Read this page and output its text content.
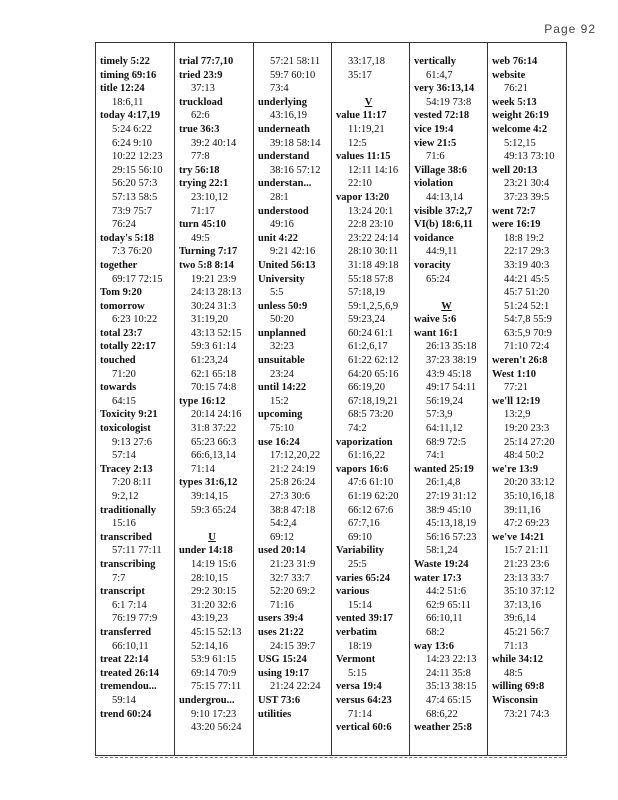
Page 92
timely 5:22
timing 69:16
title 12:24
18:6,11
today 4:17,19
5:24 6:22
6:24 9:10
10:22 12:23
29:15 56:10
56:20 57:3
57:13 58:5
73:9 75:7
76:24
today's 5:18
7:3 76:20
together
69:17 72:15
Tom 9:20
tomorrow
6:23 10:22
total 23:7
totally 22:17
touched
71:20
towards
64:15
Toxicity 9:21
toxicologist
9:13 27:6
57:14
Tracey 2:13
7:20 8:11
9:2,12
traditionally
15:16
transcribed
57:11 77:11
transcribing
7:7
transcript
6:1 7:14
76:19 77:9
transferred
66:10,11
treat 22:14
treated 26:14
tremendou...
59:14
trend 60:24
trial 77:7,10
tried 23:9
37:13
truckload
62:6
true 36:3
39:2 40:14
77:8
try 56:18
trying 22:1
23:10,12
71:17
turn 45:10
49:5
Turning 7:17
two 5:8 8:14
19:21 23:9
24:13 28:13
30:24 31:3
31:19,20
43:13 52:15
59:3 61:14
61:23,24
62:1 65:18
70:15 74:8
type 16:12
20:14 24:16
31:8 37:22
65:23 66:3
66:6,13,14
71:14
types 31:6,12
39:14,15
59:3 65:24

U
under 14:18
14:19 15:6
28:10,15
29:2 30:15
31:20 32:6
43:19,23
45:15 52:13
52:14,16
53:9 61:15
69:14 70:9
75:15 77:11
undergrou...
9:10 17:23
43:20 56:24
57:21 58:11
59:7 60:10
73:4
underlying
43:16,19
underneath
39:18 58:14
understand
38:16 57:12
understan...
28:1
understood
49:16
unit 4:22
9:21 42:16
United 56:13
University
5:5
unless 50:9
50:20
unplanned
32:23
unsuitable
23:24
until 14:22
15:2
upcoming
75:10
use 16:24
17:12,20,22
21:2 24:19
25:8 26:24
27:3 30:6
38:8 47:18
54:2,4
69:12
used 20:14
21:23 31:9
32:7 33:7
52:20 69:2
71:16
users 39:4
uses 21:22
24:15 39:7
USG 15:24
using 19:17
21:24 22:24
UST 73:6
utilities
33:17,18
35:17

V
value 11:17
11:19,21
12:5
values 11:15
12:11 14:16
22:10
vapor 13:20
13:24 20:1
22:8 23:10
23:22 24:14
28:10 30:11
31:18 49:18
55:18 57:8
57:18,19
59:1,2,5,6,9
59:23,24
60:24 61:1
61:2,6,17
61:22 62:12
64:20 65:16
66:19,20
67:18,19,21
68:5 73:20
74:2
vaporization
61:16,22
vapors 16:6
47:6 61:10
61:19 62:20
66:12 67:6
67:7,16
69:10
Variability
25:5
varies 65:24
various
15:14
vented 39:17
verbatim
18:19
Vermont
5:15
versa 19:4
versus 64:23
71:14
vertical 60:6
vertically
61:4,7
very 36:13,14
54:19 73:8
vested 72:18
vice 19:4
view 21:5
71:6
Village 38:6
violation
44:13,14
visible 37:2,7
VI(b) 18:6,11
voidance
44:9,11
voracity
65:24

W
waive 5:6
want 16:1
26:13 35:18
37:23 38:19
43:9 45:18
49:17 54:11
56:19,24
57:3,9
64:11,12
68:9 72:5
74:1
wanted 25:19
26:1,4,8
27:19 31:12
38:9 45:10
45:13,18,19
56:16 57:23
58:1,24
Waste 19:24
water 17:3
44:2 51:6
62:9 65:11
66:10,11
68:2
way 13:6
14:23 22:13
24:11 35:8
35:13 38:15
47:4 65:15
68:6,22
weather 25:8
web 76:14
website
76:21
week 5:13
weight 26:19
welcome 4:2
5:12,15
49:13 73:10
well 20:13
23:21 30:4
37:23 39:5
went 72:7
were 16:19
18:8 19:2
22:17 29:3
33:19 40:3
44:21 45:5
45:7 51:20
51:24 52:1
54:7,8 55:9
63:5,9 70:9
71:10 72:4
weren't 26:8
West 1:10
77:21
we'll 12:19
13:2,9
19:20 23:3
25:14 27:20
48:4 50:2
we're 13:9
20:20 33:12
35:10,16,18
39:11,16
47:2 69:23
we've 14:21
15:7 21:11
21:23 23:6
23:13 33:7
35:10 37:12
37:13,16
39:6,14
45:21 56:7
71:13
while 34:12
48:5
willing 69:8
Wisconsin
73:21 74:3
